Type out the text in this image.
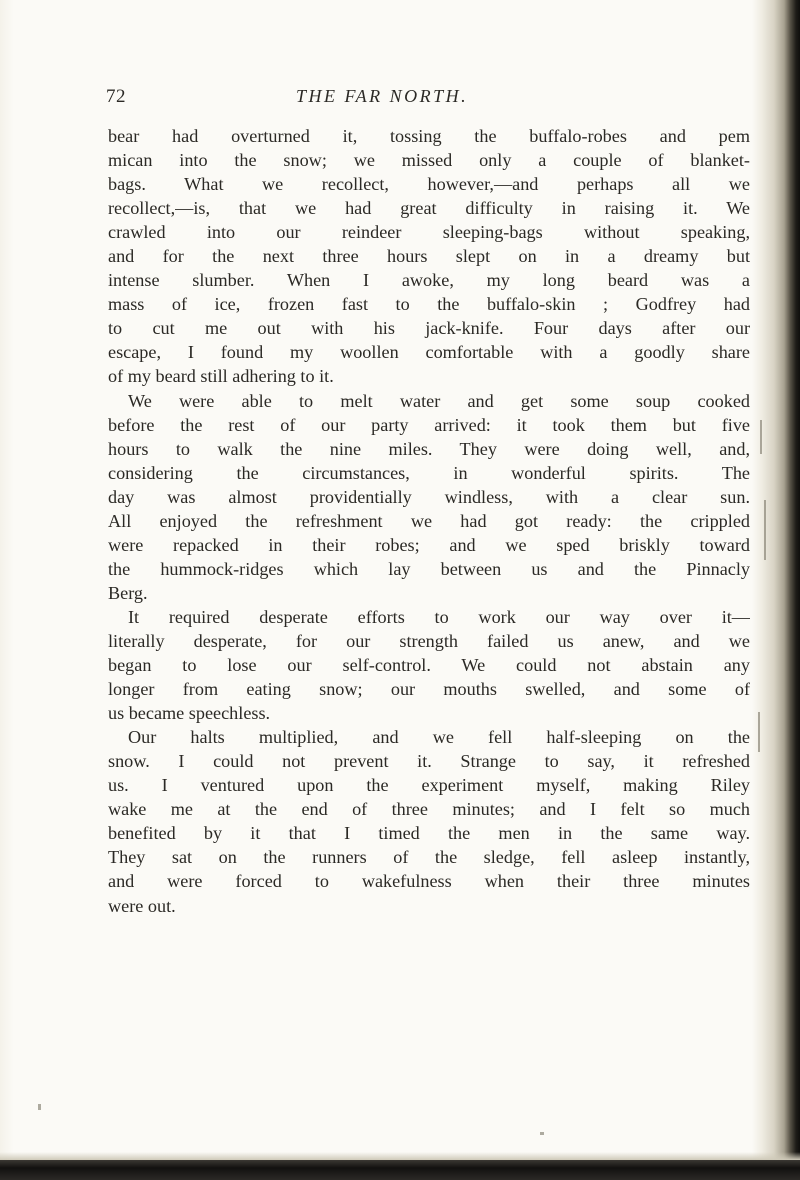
72	THE FAR NORTH.
bear had overturned it, tossing the buffalo-robes and pem
mican into the snow; we missed only a couple of blanket-
bags. What we recollect, however,—and perhaps all we
recollect,—is, that we had great difficulty in raising it. We
crawled into our reindeer sleeping-bags without speaking,
and for the next three hours slept on in a dreamy but
intense slumber. When I awoke, my long beard was a
mass of ice, frozen fast to the buffalo-skin ; Godfrey had
to cut me out with his jack-knife. Four days after our
escape, I found my woollen comfortable with a goodly share
of my beard still adhering to it.
We were able to melt water and get some soup cooked
before the rest of our party arrived: it took them but five
hours to walk the nine miles. They were doing well, and,
considering the circumstances, in wonderful spirits. The
day was almost providentially windless, with a clear sun.
All enjoyed the refreshment we had got ready: the crippled
were repacked in their robes; and we sped briskly toward
the hummock-ridges which lay between us and the Pinnacly
Berg.
It required desperate efforts to work our way over it—
literally desperate, for our strength failed us anew, and we
began to lose our self-control. We could not abstain any
longer from eating snow; our mouths swelled, and some of
us became speechless.
Our halts multiplied, and we fell half-sleeping on the
snow. I could not prevent it. Strange to say, it refreshed
us. I ventured upon the experiment myself, making Riley
wake me at the end of three minutes; and I felt so much
benefited by it that I timed the men in the same way.
They sat on the runners of the sledge, fell asleep instantly,
and were forced to wakefulness when their three minutes
were out.
